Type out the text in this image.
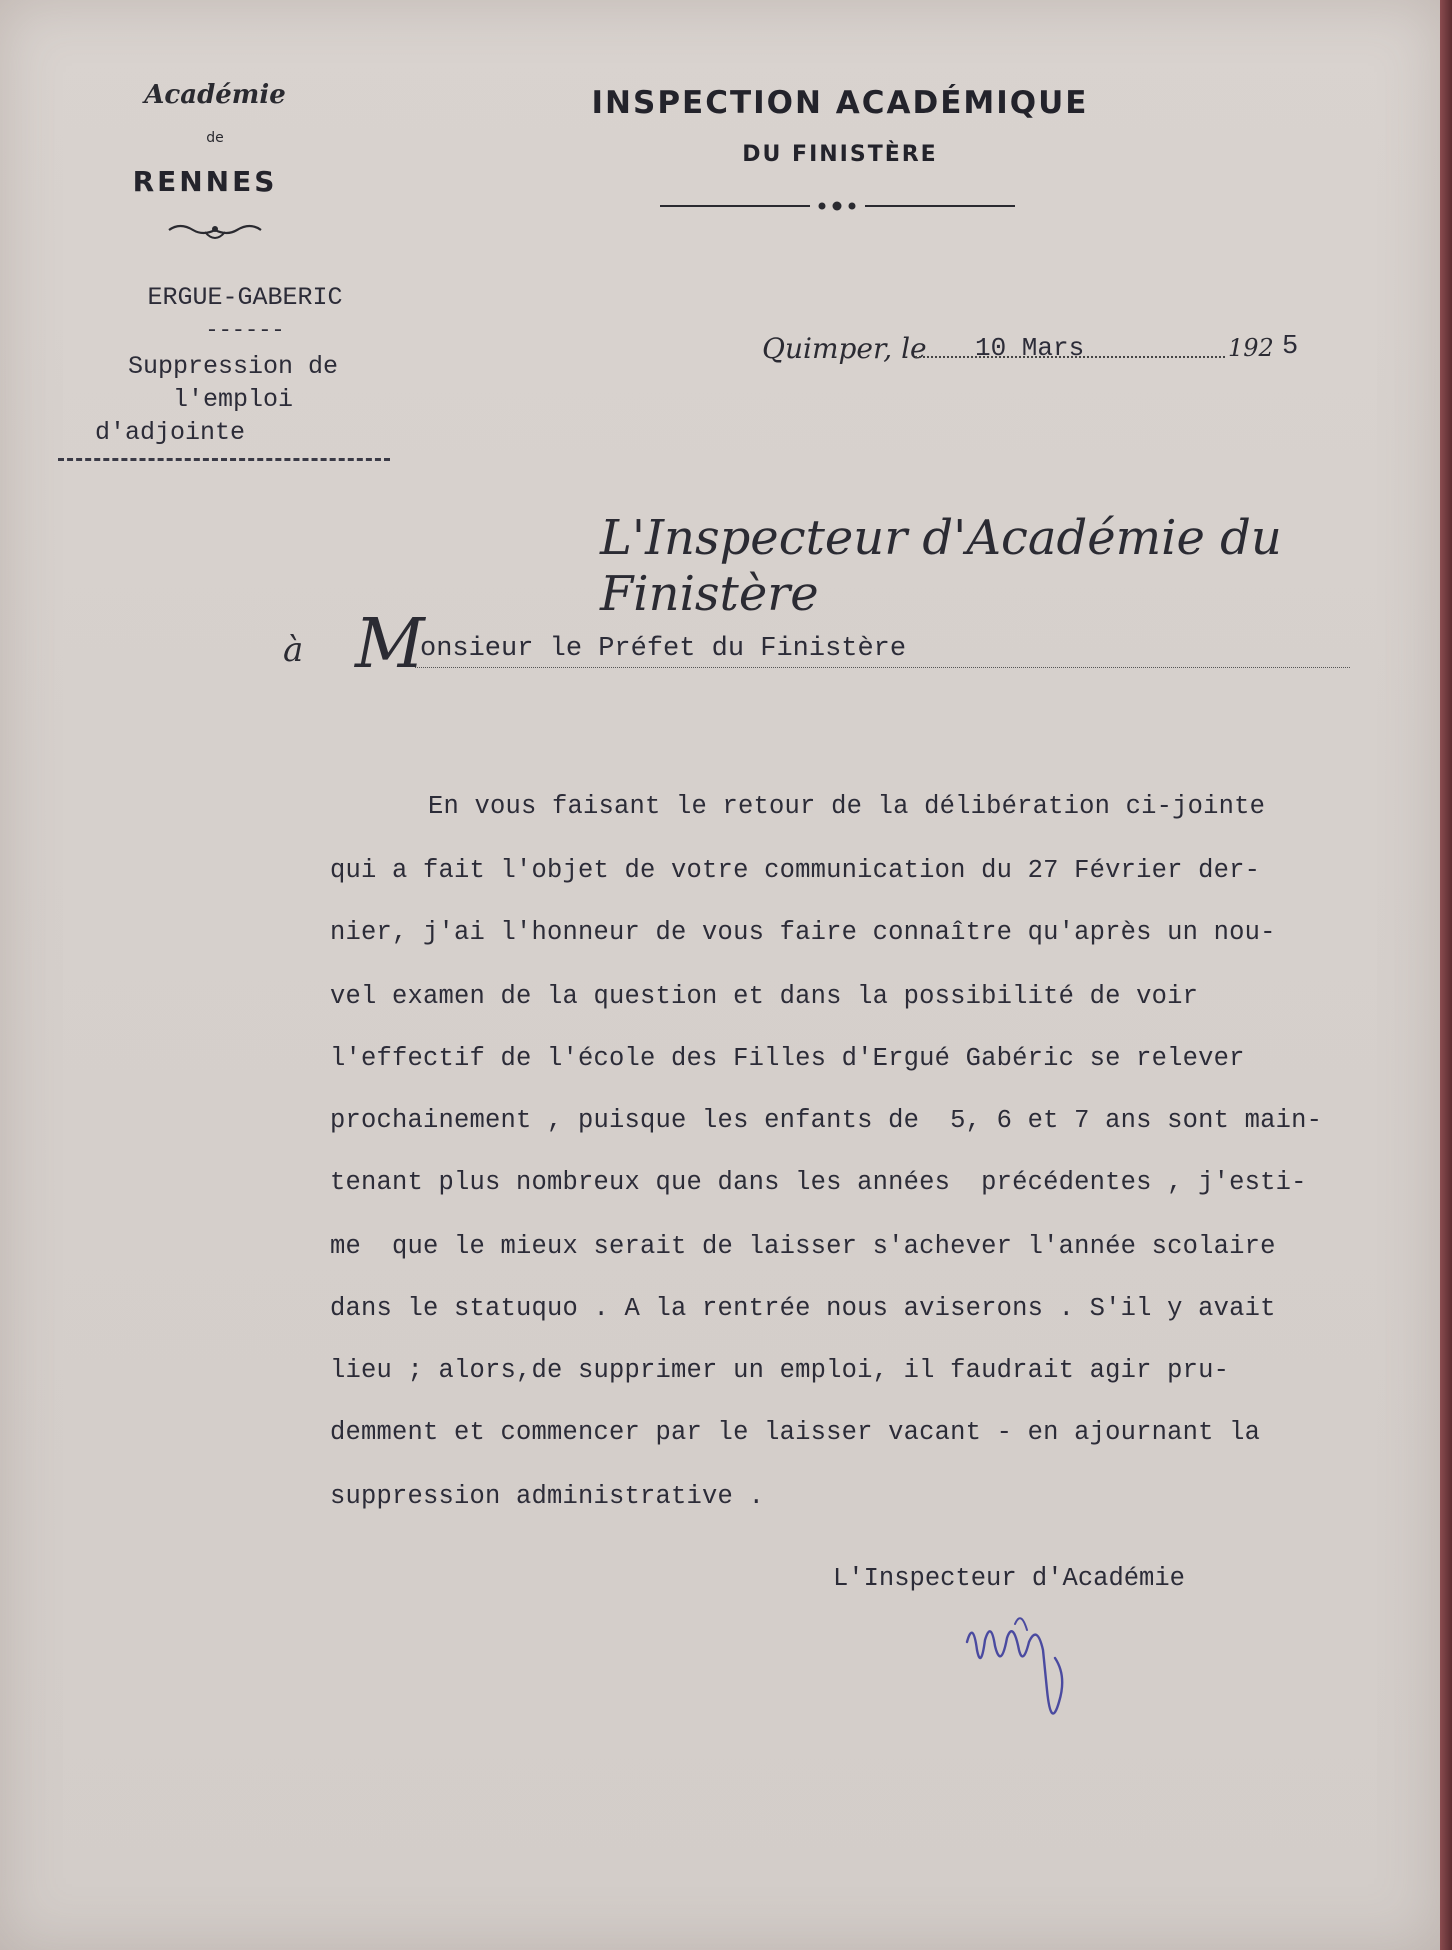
Académie
de
RENNES
INSPECTION ACADÉMIQUE
DU FINISTÈRE
ERGUE-GABERIC
------
Suppression de
l'emploi
d'adjointe
Quimper, le 10 Mars	192 5
L'Inspecteur d'Académie du Finistère
à M
onsieur le Préfet du Finistère
En vous faisant le retour de la délibération ci-jointe
qui a fait l'objet de votre communication du 27 Février der-
nier, j'ai l'honneur de vous faire connaître qu'après un nou-
vel examen de la question et dans la possibilité de voir
l'effectif de l'école des Filles d'Ergué Gabéric se relever
prochainement , puisque les enfants de  5, 6 et 7 ans sont main-
tenant plus nombreux que dans les années  précédentes , j'esti-
me  que le mieux serait de laisser s'achever l'année scolaire
dans le statuquo . A la rentrée nous aviserons . S'il y avait
lieu ; alors,de supprimer un emploi, il faudrait agir pru-
demment et commencer par le laisser vacant - en ajournant la
suppression administrative .
L'Inspecteur d'Académie
